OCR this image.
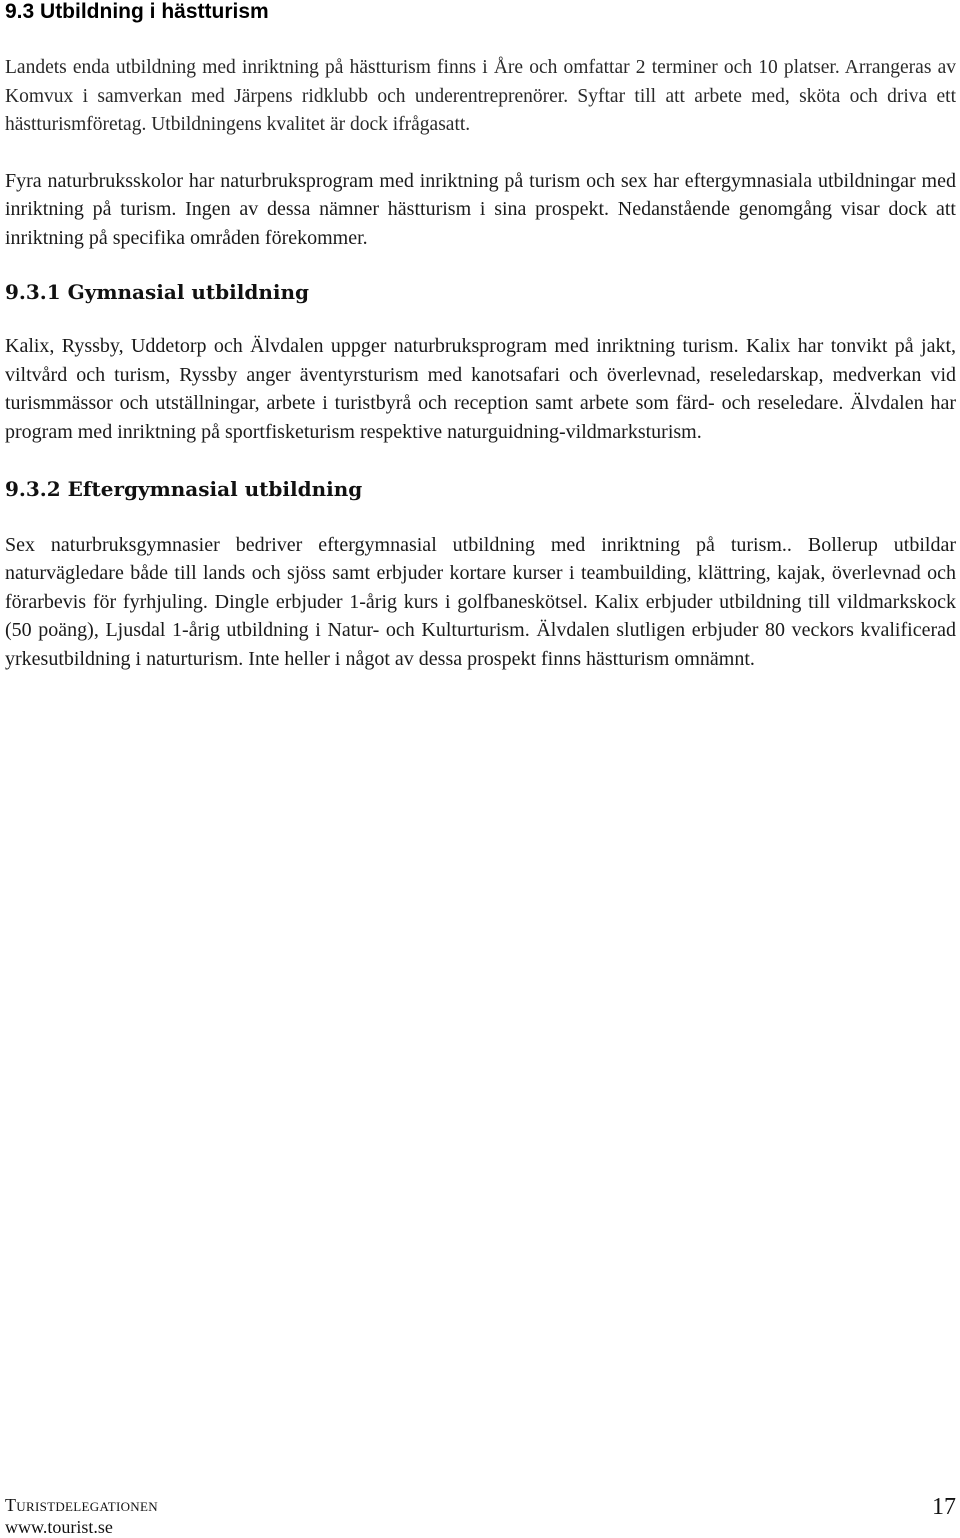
9.3 Utbildning i hästturism

Landets enda utbildning med inriktning på hästturism finns i Åre och omfattar 2 terminer och 10 platser. Arrangeras av Komvux i samverkan med Järpens ridklubb och underentreprenörer. Syftar till att arbete med, sköta och driva ett hästturismföretag. Utbildningens kvalitet är dock ifrågasatt.

Fyra naturbruksskolor har naturbruksprogram med inriktning på turism och sex har eftergymnasiala utbildningar med inriktning på turism. Ingen av dessa nämner hästturism i sina prospekt. Nedanstående genomgång visar dock att inriktning på specifika områden förekommer.

9.3.1 Gymnasial utbildning

Kalix, Ryssby, Uddetorp och Älvdalen uppger naturbruksprogram med inriktning turism. Kalix har tonvikt på jakt, viltvård och turism, Ryssby anger äventyrsturism med kanotsafari och överlevnad, reseledarskap, medverkan vid turismmässor och utställningar, arbete i turistbyrå och reception samt arbete som färd- och reseledare. Älvdalen har program med inriktning på sportfisketurism respektive naturguidning-vildmarksturism.

9.3.2 Eftergymnasial utbildning

Sex naturbruksgymnasier bedriver eftergymnasial utbildning med inriktning på turism.. Bollerup utbildar naturvägledare både till lands och sjöss samt erbjuder kortare kurser i teambuilding, klättring, kajak, överlevnad och förarbevis för fyrhjuling. Dingle erbjuder 1-årig kurs i golfbaneskötsel. Kalix erbjuder utbildning till vildmarkskock (50 poäng), Ljusdal 1-årig utbildning i Natur- och Kulturturism. Älvdalen slutligen erbjuder 80 veckors kvalificerad yrkesutbildning i naturturism. Inte heller i något av dessa prospekt finns hästturism omnämnt.

Turistdelegationen
www.tourist.se
17
